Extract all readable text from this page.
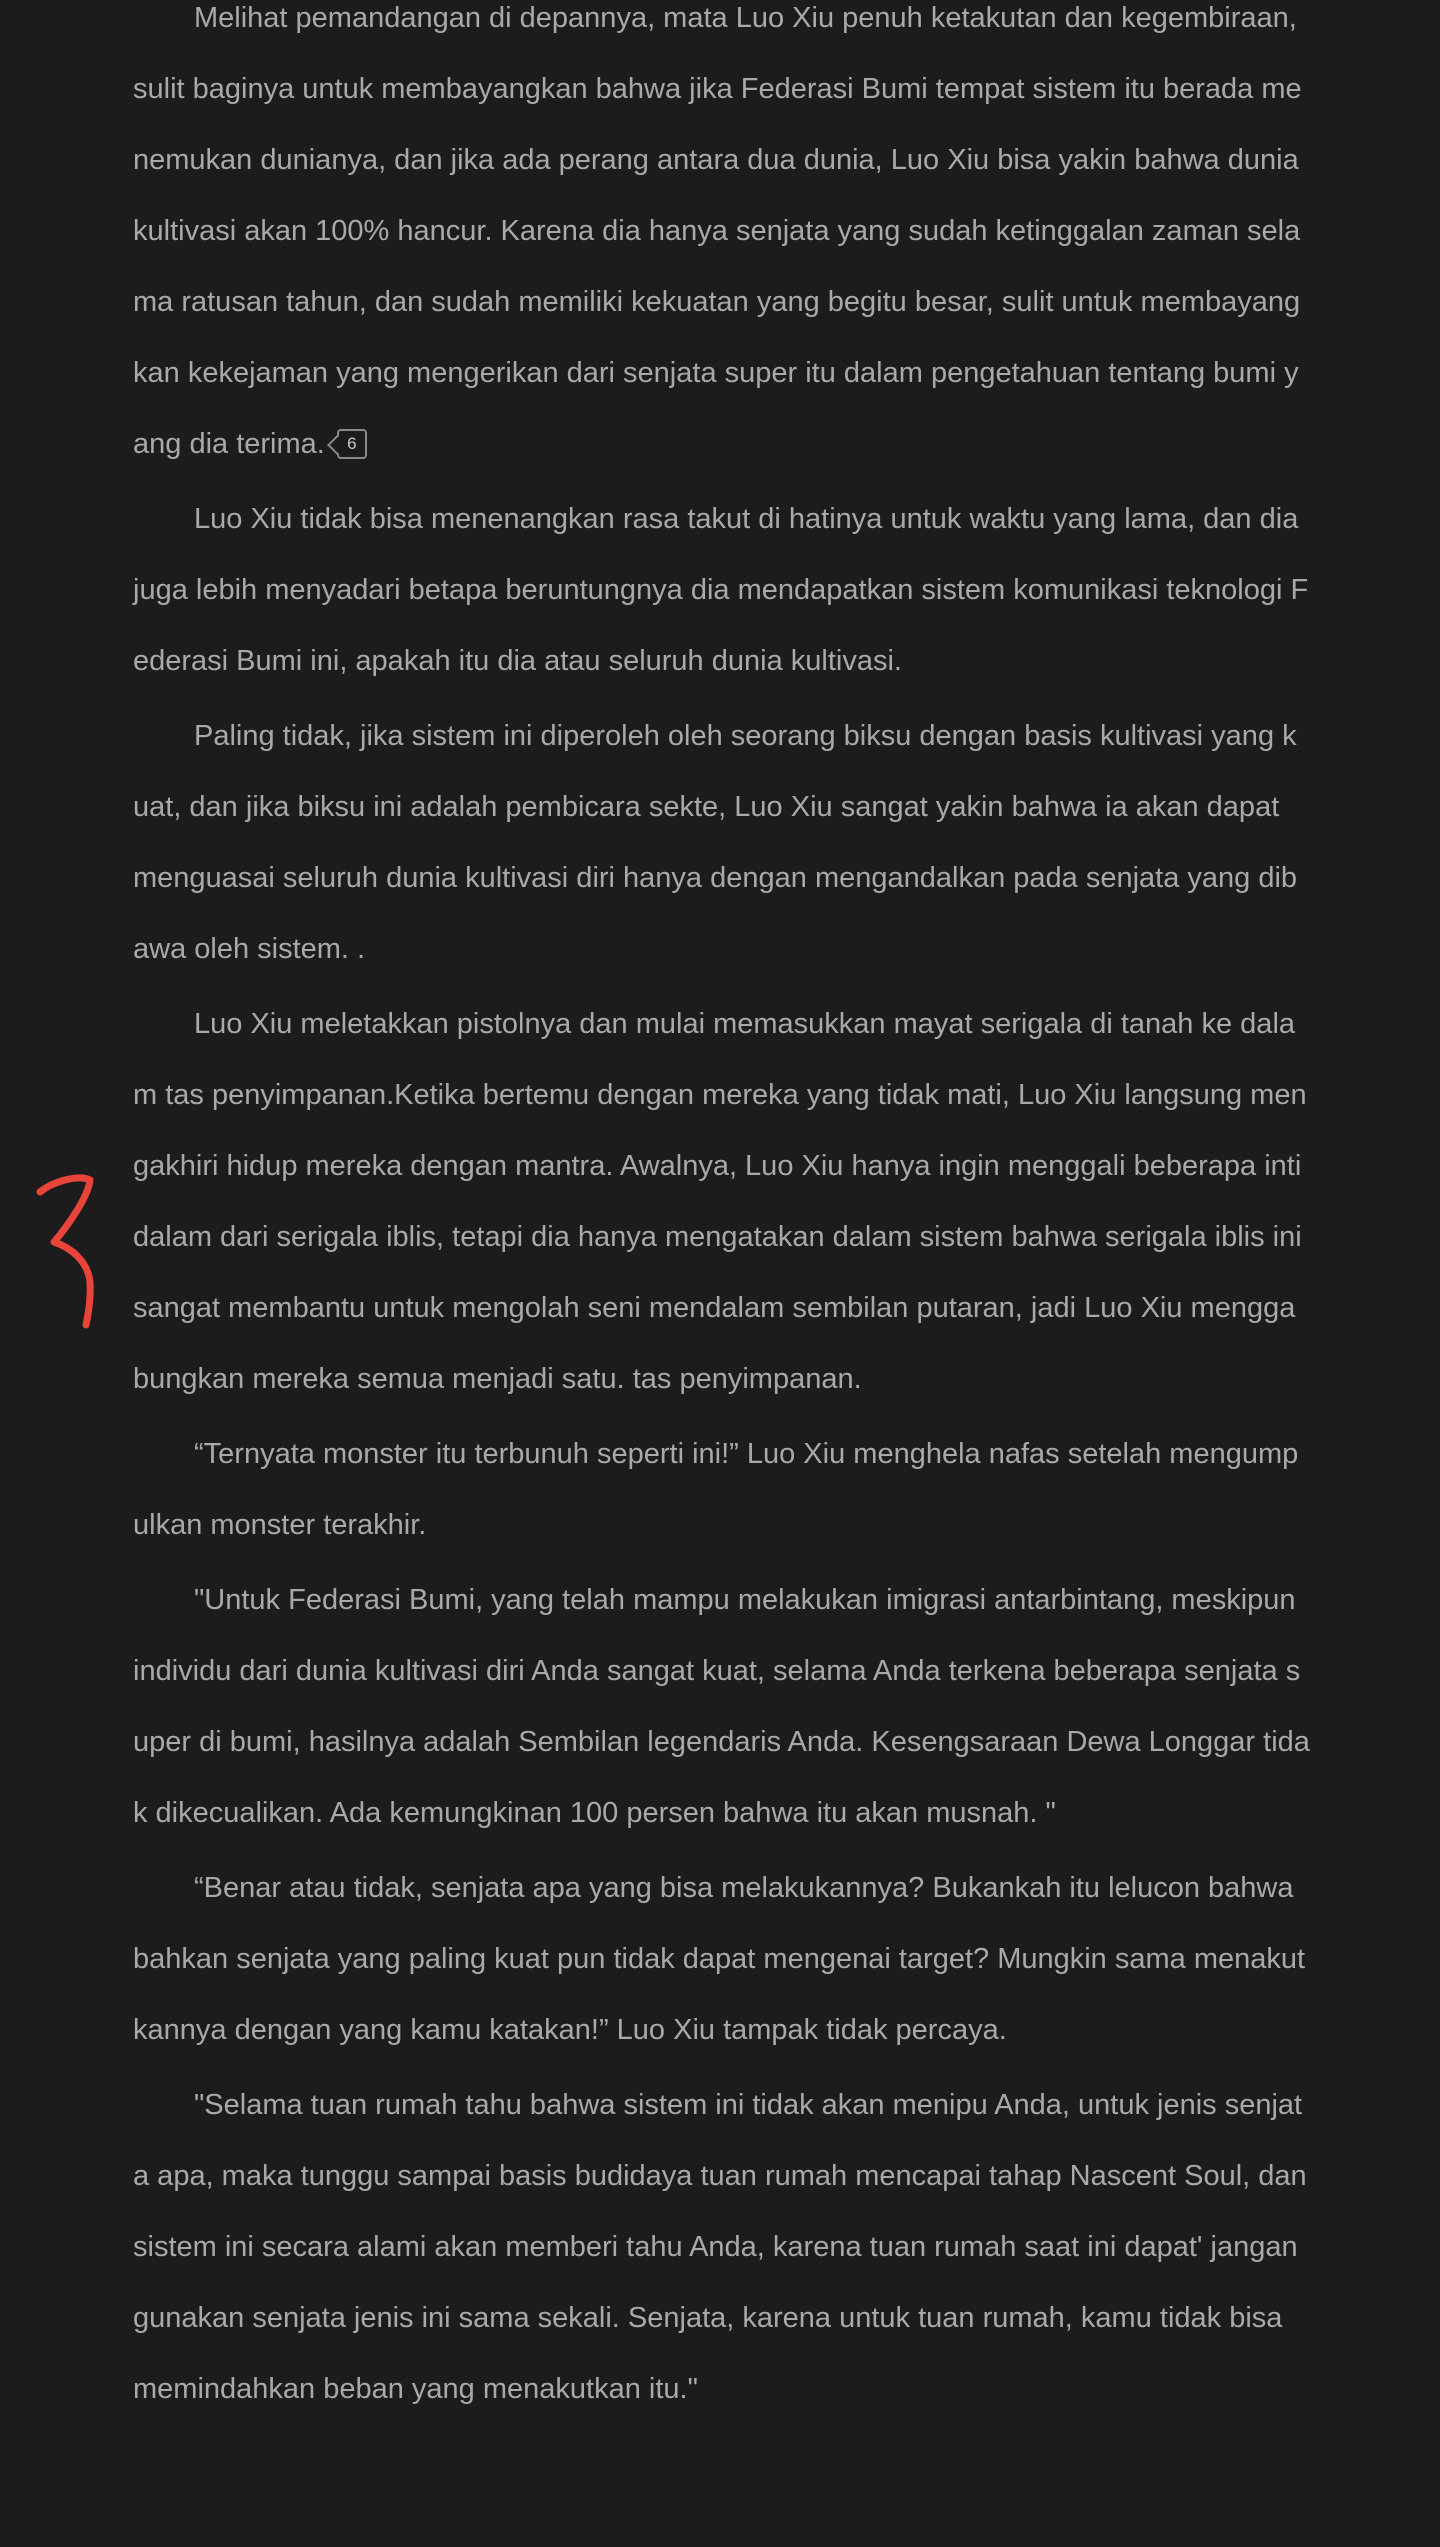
Melihat pemandangan di depannya, mata Luo Xiu penuh ketakutan dan kegembiraan, sulit baginya untuk membayangkan bahwa jika Federasi Bumi tempat sistem itu berada menemukan dunianya, dan jika ada perang antara dua dunia, Luo Xiu bisa yakin bahwa dunia kultivasi akan 100% hancur. Karena dia hanya senjata yang sudah ketinggalan zaman selama ratusan tahun, dan sudah memiliki kekuatan yang begitu besar, sulit untuk membayangkan kekejaman yang mengerikan dari senjata super itu dalam pengetahuan tentang bumi yang dia terima. 6

Luo Xiu tidak bisa menenangkan rasa takut di hatinya untuk waktu yang lama, dan dia juga lebih menyadari betapa beruntungnya dia mendapatkan sistem komunikasi teknologi Federasi Bumi ini, apakah itu dia atau seluruh dunia kultivasi.

Paling tidak, jika sistem ini diperoleh oleh seorang biksu dengan basis kultivasi yang kuat, dan jika biksu ini adalah pembicara sekte, Luo Xiu sangat yakin bahwa ia akan dapat menguasai seluruh dunia kultivasi diri hanya dengan mengandalkan pada senjata yang dibawa oleh sistem. .

Luo Xiu meletakkan pistolnya dan mulai memasukkan mayat serigala di tanah ke dalam tas penyimpanan.Ketika bertemu dengan mereka yang tidak mati, Luo Xiu langsung mengakhiri hidup mereka dengan mantra. Awalnya, Luo Xiu hanya ingin menggali beberapa inti dalam dari serigala iblis, tetapi dia hanya mengatakan dalam sistem bahwa serigala iblis ini sangat membantu untuk mengolah seni mendalam sembilan putaran, jadi Luo Xiu menggabungkan mereka semua menjadi satu. tas penyimpanan.

“Ternyata monster itu terbunuh seperti ini!” Luo Xiu menghela nafas setelah mengumpulkan monster terakhir.

"Untuk Federasi Bumi, yang telah mampu melakukan imigrasi antarbintang, meskipun individu dari dunia kultivasi diri Anda sangat kuat, selama Anda terkena beberapa senjata super di bumi, hasilnya adalah Sembilan legendaris Anda. Kesengsaraan Dewa Longgar tidak dikecualikan. Ada kemungkinan 100 persen bahwa itu akan musnah. "

“Benar atau tidak, senjata apa yang bisa melakukannya? Bukankah itu lelucon bahwa bahkan senjata yang paling kuat pun tidak dapat mengenai target? Mungkin sama menakutkannya dengan yang kamu katakan!” Luo Xiu tampak tidak percaya.

"Selama tuan rumah tahu bahwa sistem ini tidak akan menipu Anda, untuk jenis senjata apa, maka tunggu sampai basis budidaya tuan rumah mencapai tahap Nascent Soul, dan sistem ini secara alami akan memberi tahu Anda, karena tuan rumah saat ini dapat' jangan gunakan senjata jenis ini sama sekali. Senjata, karena untuk tuan rumah, kamu tidak bisa memindahkan beban yang menakutkan itu."
